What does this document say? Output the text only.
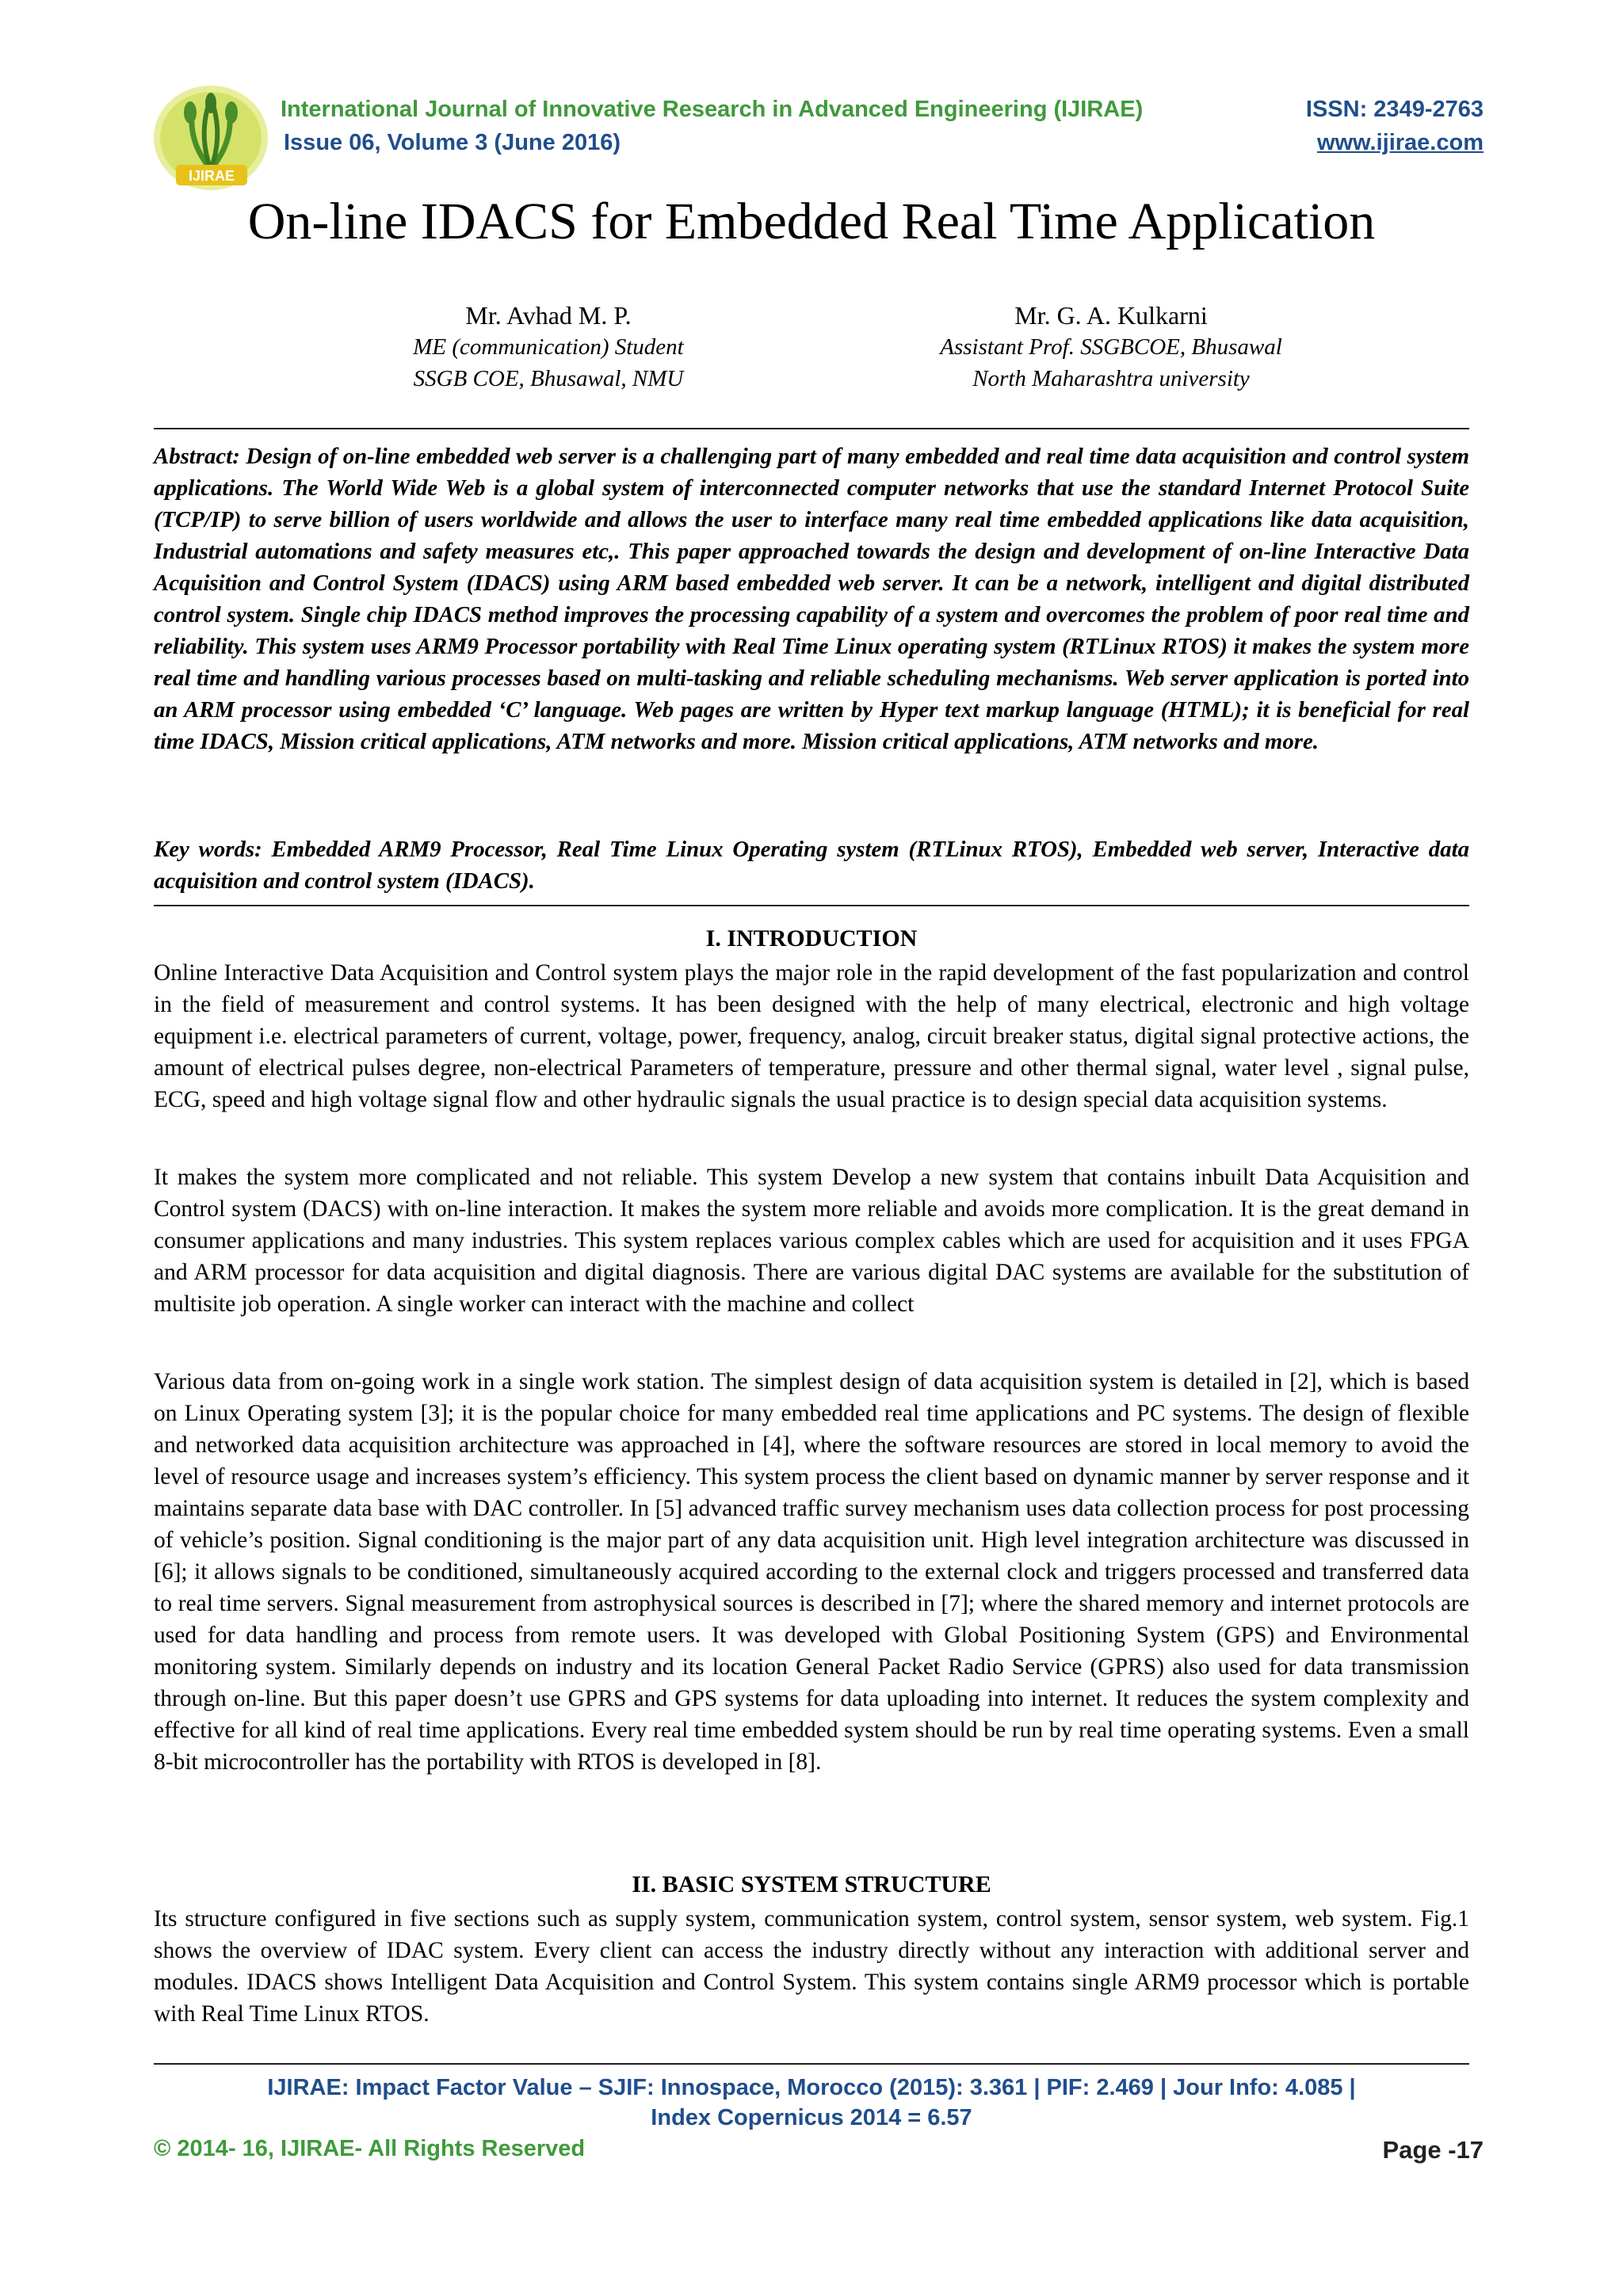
IJIRAE
International Journal of Innovative Research in Advanced Engineering (IJIRAE)	ISSN: 2349-2763
Issue 06, Volume 3 (June 2016)	www.ijirae.com
On-line IDACS for Embedded Real Time Application
Mr. Avhad M. P.
ME (communication) Student
SSGB COE, Bhusawal, NMU
Mr. G. A. Kulkarni
Assistant Prof. SSGBCOE, Bhusawal
North Maharashtra university
Abstract: Design of on-line embedded web server is a challenging part of many embedded and real time data acquisition and control system applications. The World Wide Web is a global system of interconnected computer networks that use the standard Internet Protocol Suite (TCP/IP) to serve billion of users worldwide and allows the user to interface many real time embedded applications like data acquisition, Industrial automations and safety measures etc,. This paper approached towards the design and development of on-line Interactive Data Acquisition and Control System (IDACS) using ARM based embedded web server. It can be a network, intelligent and digital distributed control system. Single chip IDACS method improves the processing capability of a system and overcomes the problem of poor real time and reliability. This system uses ARM9 Processor portability with Real Time Linux operating system (RTLinux RTOS) it makes the system more real time and handling various processes based on multi-tasking and reliable scheduling mechanisms. Web server application is ported into an ARM processor using embedded ‘C’ language. Web pages are written by Hyper text markup language (HTML); it is beneficial for real time IDACS, Mission critical applications, ATM networks and more. Mission critical applications, ATM networks and more.
Key words: Embedded ARM9 Processor, Real Time Linux Operating system (RTLinux RTOS), Embedded web server, Interactive data acquisition and control system (IDACS).
I. INTRODUCTION
Online Interactive Data Acquisition and Control system plays the major role in the rapid development of the fast popularization and control in the field of measurement and control systems. It has been designed with the help of many electrical, electronic and high voltage equipment i.e. electrical parameters of current, voltage, power, frequency, analog, circuit breaker status, digital signal protective actions, the amount of electrical pulses degree, non-electrical Parameters of temperature, pressure and other thermal signal, water level , signal pulse, ECG, speed and high voltage signal flow and other hydraulic signals the usual practice is to design special data acquisition systems.
It makes the system more complicated and not reliable. This system Develop a new system that contains inbuilt Data Acquisition and Control system (DACS) with on-line interaction. It makes the system more reliable and avoids more complication. It is the great demand in consumer applications and many industries. This system replaces various complex cables which are used for acquisition and it uses FPGA and ARM processor for data acquisition and digital diagnosis. There are various digital DAC systems are available for the substitution of multisite job operation. A single worker can interact with the machine and collect
Various data from on-going work in a single work station. The simplest design of data acquisition system is detailed in [2], which is based on Linux Operating system [3]; it is the popular choice for many embedded real time applications and PC systems. The design of flexible and networked data acquisition architecture was approached in [4], where the software resources are stored in local memory to avoid the level of resource usage and increases system’s efficiency. This system process the client based on dynamic manner by server response and it maintains separate data base with DAC controller. In [5] advanced traffic survey mechanism uses data collection process for post processing of vehicle’s position. Signal conditioning is the major part of any data acquisition unit. High level integration architecture was discussed in [6]; it allows signals to be conditioned, simultaneously acquired according to the external clock and triggers processed and transferred data to real time servers. Signal measurement from astrophysical sources is described in [7]; where the shared memory and internet protocols are used for data handling and process from remote users. It was developed with Global Positioning System (GPS) and Environmental monitoring system. Similarly depends on industry and its location General Packet Radio Service (GPRS) also used for data transmission through on-line. But this paper doesn’t use GPRS and GPS systems for data uploading into internet. It reduces the system complexity and effective for all kind of real time applications. Every real time embedded system should be run by real time operating systems. Even a small 8-bit microcontroller has the portability with RTOS is developed in [8].
II. BASIC SYSTEM STRUCTURE
Its structure configured in five sections such as supply system, communication system, control system, sensor system, web system. Fig.1 shows the overview of IDAC system. Every client can access the industry directly without any interaction with additional server and modules. IDACS shows Intelligent Data Acquisition and Control System. This system contains single ARM9 processor which is portable with Real Time Linux RTOS.
IJIRAE: Impact Factor Value – SJIF: Innospace, Morocco (2015): 3.361 | PIF: 2.469 | Jour Info: 4.085 |
Index Copernicus 2014 = 6.57
© 2014- 16, IJIRAE- All Rights Reserved	Page -17
